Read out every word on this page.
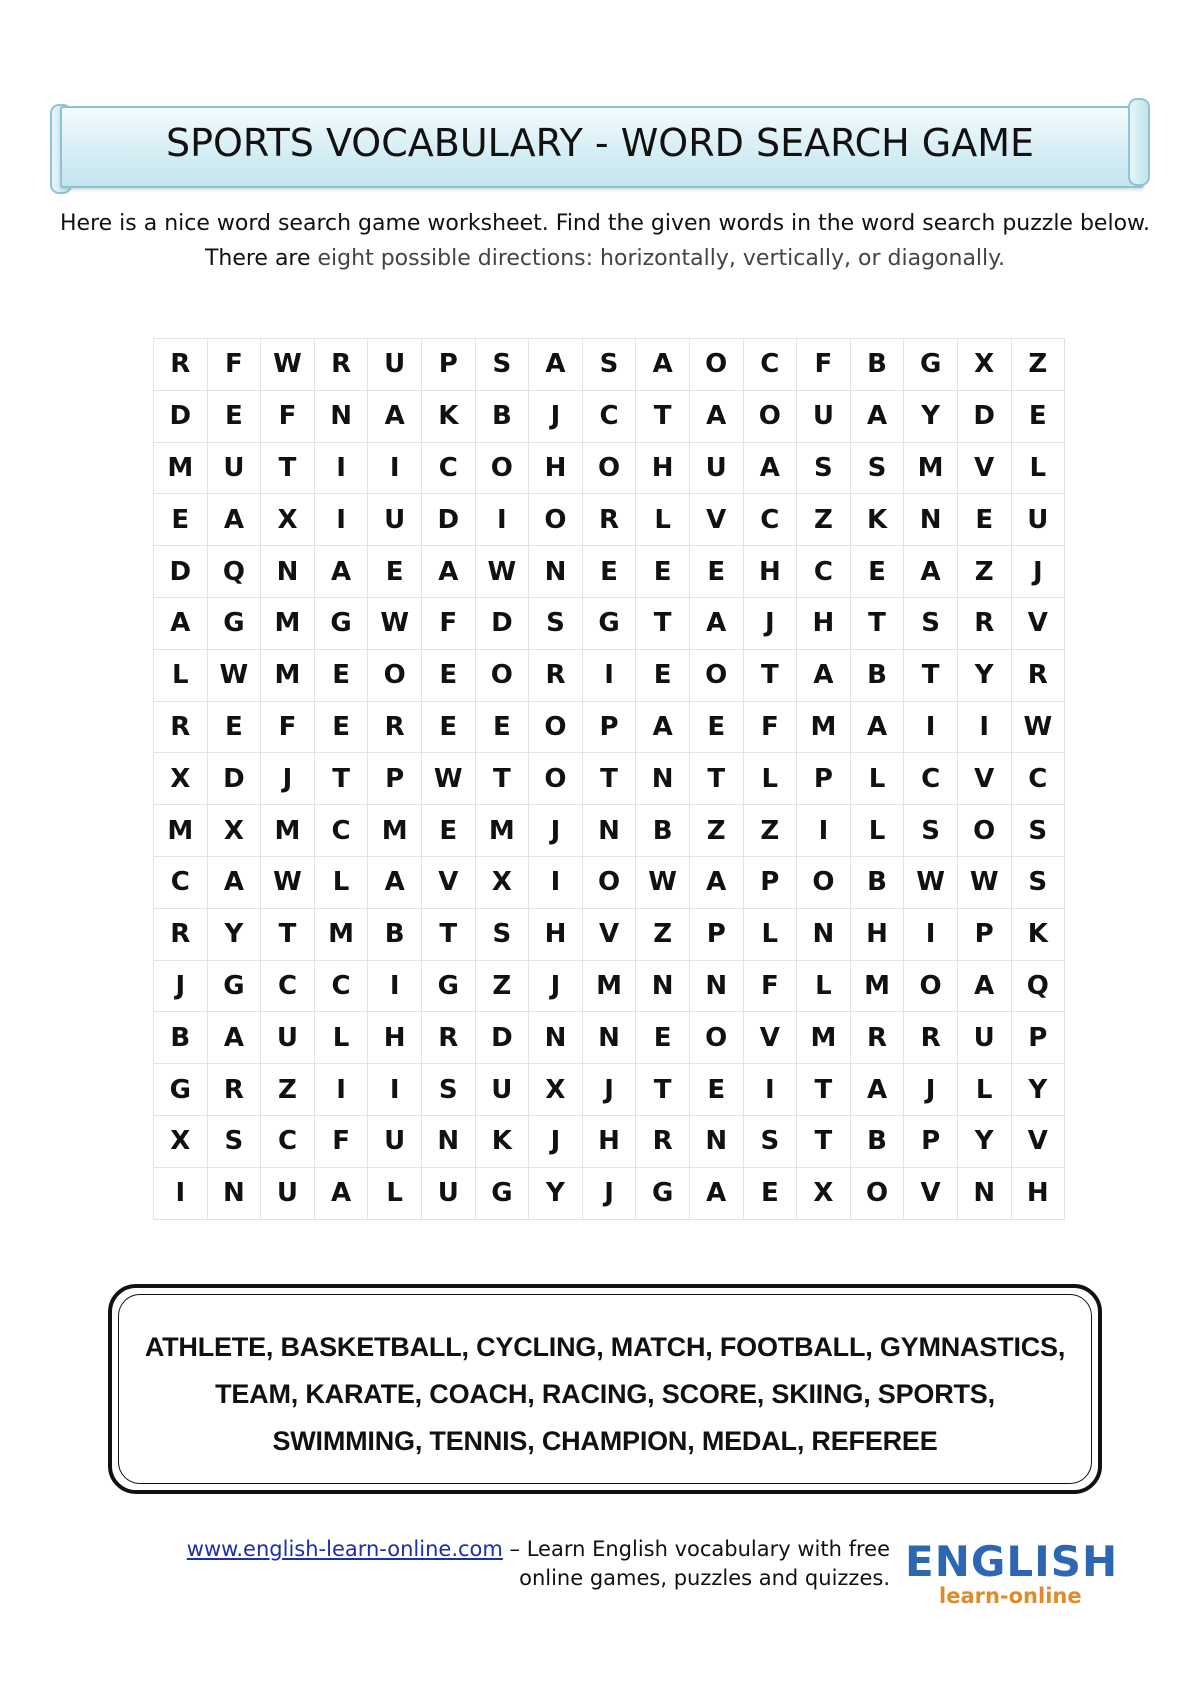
SPORTS VOCABULARY - WORD SEARCH GAME
Here is a nice word search game worksheet. Find the given words in the word search puzzle below. There are eight possible directions: horizontally, vertically, or diagonally.
R	F	W	R	U	P	S	A	S	A	O	C	F	B	G	X	Z
D	E	F	N	A	K	B	J	C	T	A	O	U	A	Y	D	E
M	U	T	I	I	C	O	H	O	H	U	A	S	S	M	V	L
E	A	X	I	U	D	I	O	R	L	V	C	Z	K	N	E	U
D	Q	N	A	E	A	W	N	E	E	E	H	C	E	A	Z	J
A	G	M	G	W	F	D	S	G	T	A	J	H	T	S	R	V
L	W	M	E	O	E	O	R	I	E	O	T	A	B	T	Y	R
R	E	F	E	R	E	E	O	P	A	E	F	M	A	I	I	W
X	D	J	T	P	W	T	O	T	N	T	L	P	L	C	V	C
M	X	M	C	M	E	M	J	N	B	Z	Z	I	L	S	O	S
C	A	W	L	A	V	X	I	O	W	A	P	O	B	W	W	S
R	Y	T	M	B	T	S	H	V	Z	P	L	N	H	I	P	K
J	G	C	C	I	G	Z	J	M	N	N	F	L	M	O	A	Q
B	A	U	L	H	R	D	N	N	E	O	V	M	R	R	U	P
G	R	Z	I	I	S	U	X	J	T	E	I	T	A	J	L	Y
X	S	C	F	U	N	K	J	H	R	N	S	T	B	P	Y	V
I	N	U	A	L	U	G	Y	J	G	A	E	X	O	V	N	H
ATHLETE, BASKETBALL, CYCLING, MATCH, FOOTBALL, GYMNASTICS,
TEAM, KARATE, COACH, RACING, SCORE, SKIING, SPORTS,
SWIMMING, TENNIS, CHAMPION, MEDAL, REFEREE
www.english-learn-online.com – Learn English vocabulary with free
online games, puzzles and quizzes. ENGLISH
learn-online
